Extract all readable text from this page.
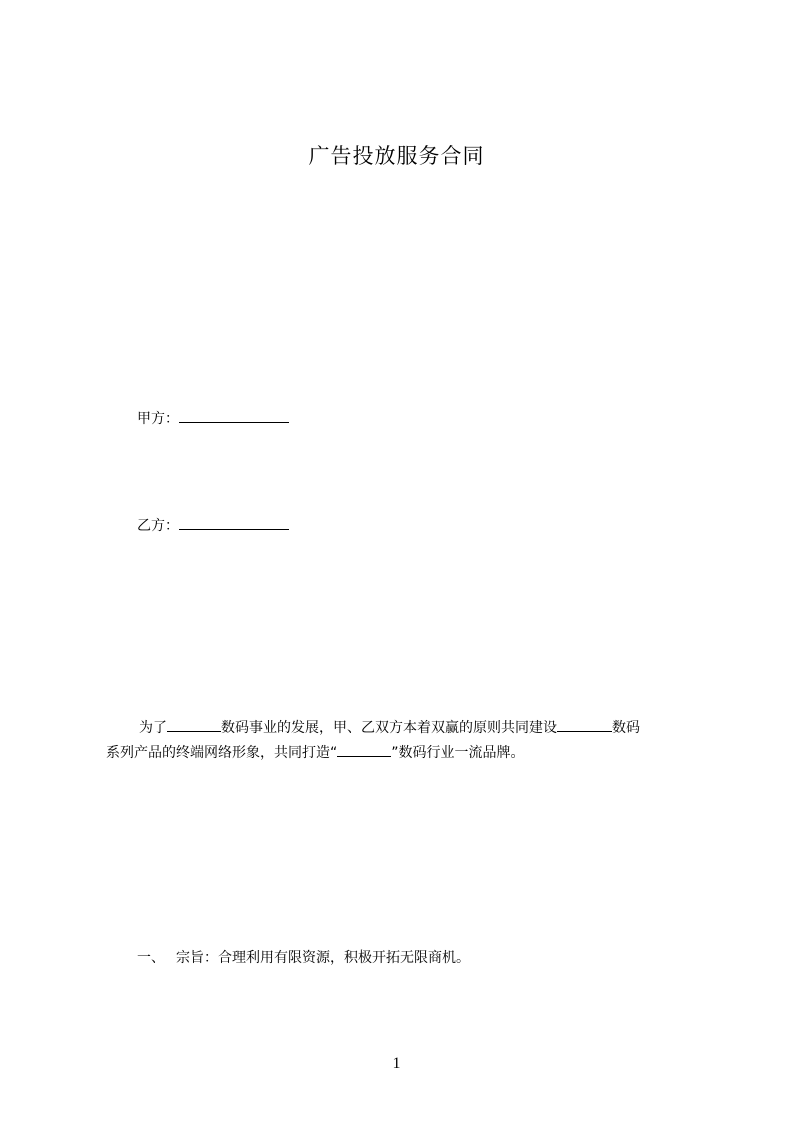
广告投放服务合同
甲方：
乙方：
为了	数码事业的发展，甲、乙双方本着双赢的原则共同建设	数码
系列产品的终端网络形象，共同打造“	”数码行业一流品牌。
一、 宗旨：合理利用有限资源，积极开拓无限商机。
1
